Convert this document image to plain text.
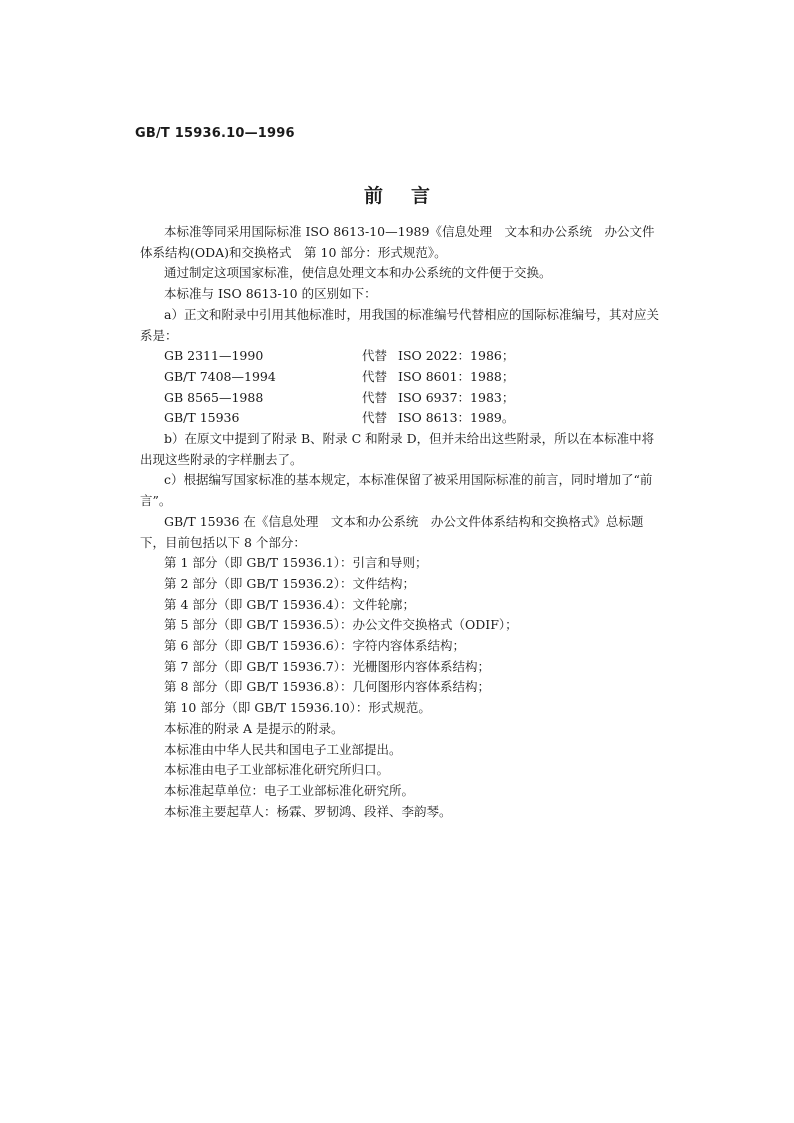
GB/T 15936.10—1996
前言

本标准等同采用国际标准 ISO 8613-10—1989《信息处理　文本和办公系统　办公文件体系结构(ODA)和交换格式　第 10 部分：形式规范》。

通过制定这项国家标准，使信息处理文本和办公系统的文件便于交换。

本标准与 ISO 8613-10 的区别如下：

a）正文和附录中引用其他标准时，用我国的标准编号代替相应的国际标准编号，其对应关系是：

GB 2311—1990	代替 ISO 2022：1986；
GB/T 7408—1994	代替 ISO 8601：1988；
GB 8565—1988	代替 ISO 6937：1983；
GB/T 15936	代替 ISO 8613：1989。

b）在原文中提到了附录 B、附录 C 和附录 D，但并未给出这些附录，所以在本标准中将出现这些附录的字样删去了。

c）根据编写国家标准的基本规定，本标准保留了被采用国际标准的前言，同时增加了“前言”。

GB/T 15936 在《信息处理　文本和办公系统　办公文件体系结构和交换格式》总标题下，目前包括以下 8 个部分：

第 1 部分（即 GB/T 15936.1）：引言和导则；

第 2 部分（即 GB/T 15936.2）：文件结构；

第 4 部分（即 GB/T 15936.4）：文件轮廓；

第 5 部分（即 GB/T 15936.5）：办公文件交换格式（ODIF）；

第 6 部分（即 GB/T 15936.6）：字符内容体系结构；

第 7 部分（即 GB/T 15936.7）：光栅图形内容体系结构；

第 8 部分（即 GB/T 15936.8）：几何图形内容体系结构；

第 10 部分（即 GB/T 15936.10）：形式规范。

本标准的附录 A 是提示的附录。

本标准由中华人民共和国电子工业部提出。

本标准由电子工业部标准化研究所归口。

本标准起草单位：电子工业部标准化研究所。

本标准主要起草人：杨霖、罗韧鸿、段祥、李韵琴。
